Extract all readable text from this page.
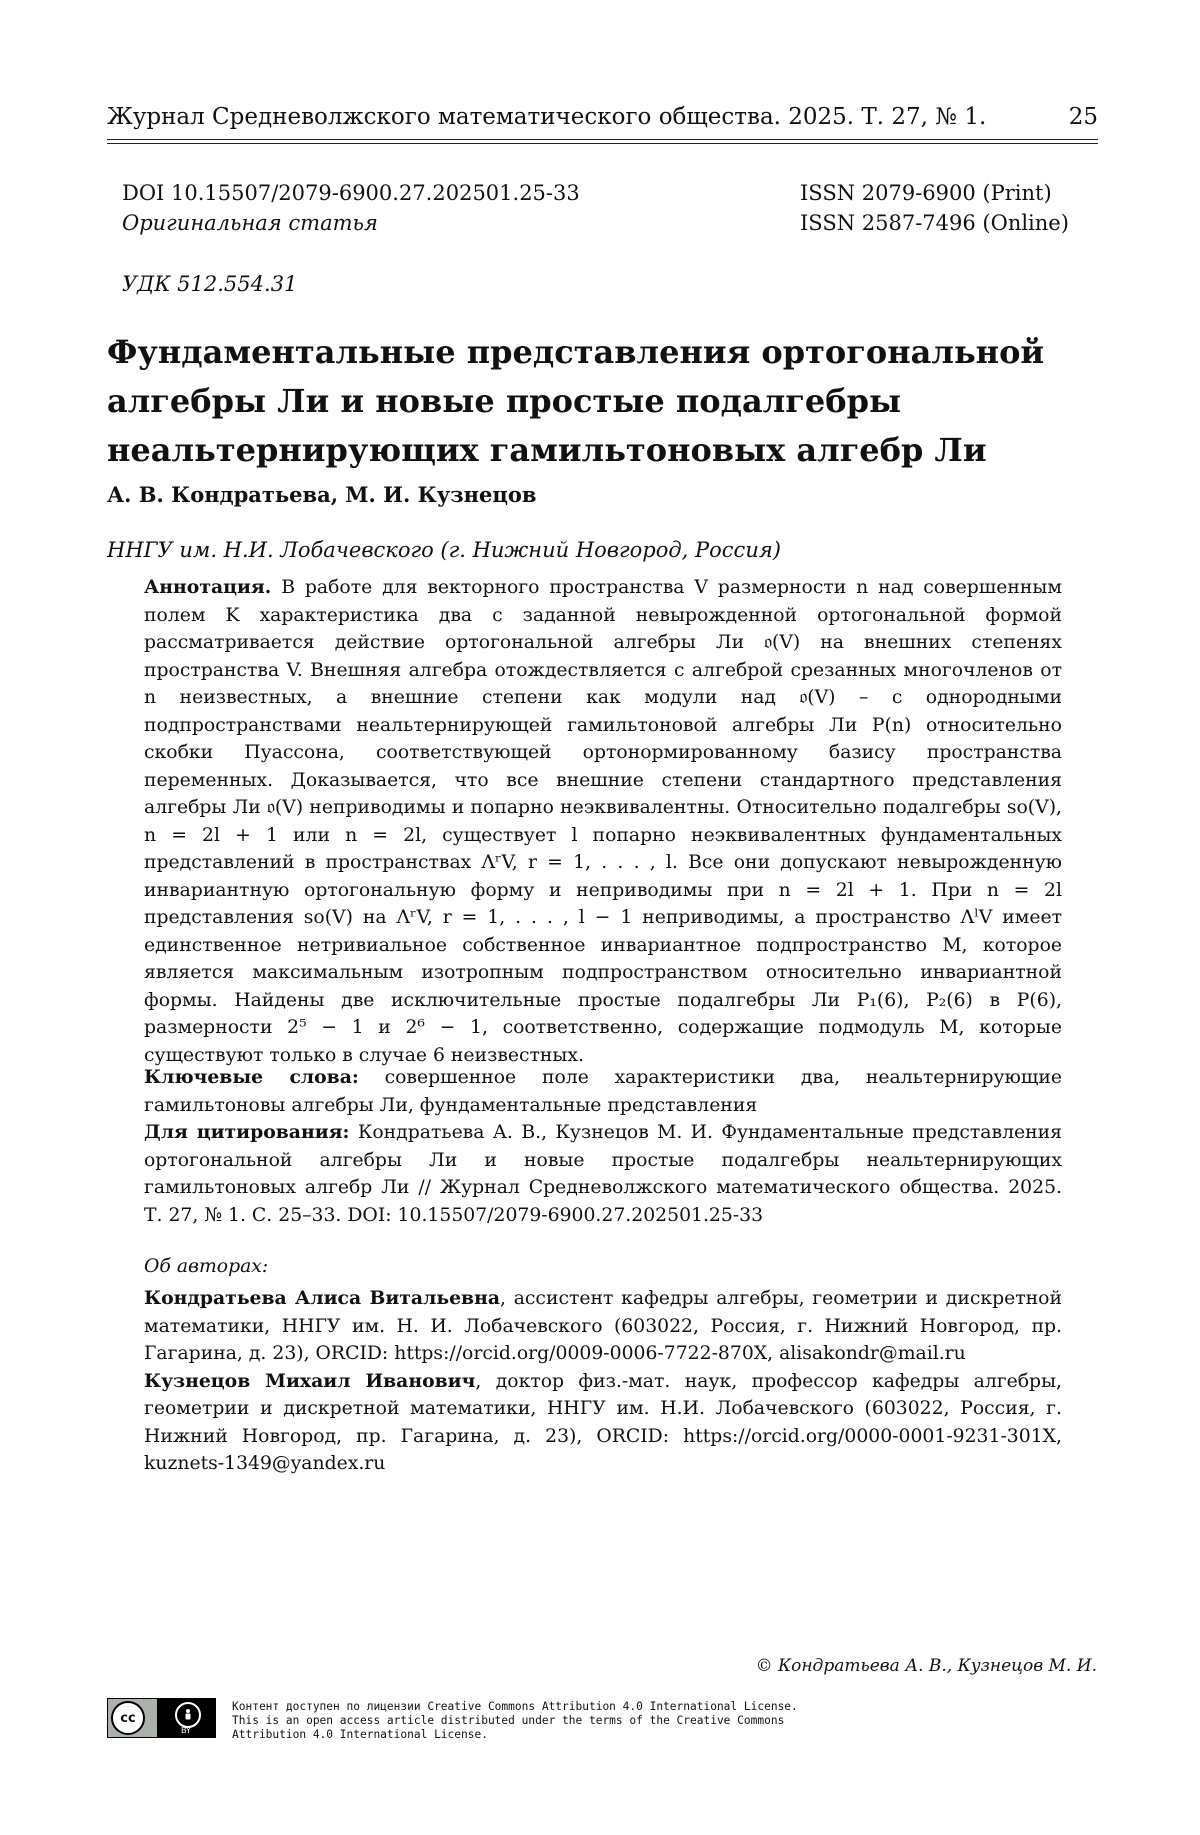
Журнал Средневолжского математического общества. 2025. Т. 27, № 1.	25
DOI 10.15507/2079-6900.27.202501.25-33
Оригинальная статья
ISSN 2079-6900 (Print)
ISSN 2587-7496 (Online)
УДК 512.554.31
Фундаментальные представления ортогональной
алгебры Ли и новые простые подалгебры
неальтернирующих гамильтоновых алгебр Ли
А. В. Кондратьева, М. И. Кузнецов
ННГУ им. Н.И. Лобачевского (г. Нижний Новгород, Россия)

Аннотация. В работе для векторного пространства V размерности n над совершенным полем K характеристика два с заданной невырожденной ортогональной формой рассматривается действие ортогональной алгебры Ли 𝔬(V) на внешних степенях пространства V. Внешняя алгебра отождествляется с алгеброй срезанных многочленов от n неизвестных, а внешние степени как модули над 𝔬(V) – с однородными подпространствами неальтернирующей гамильтоновой алгебры Ли P(n) относительно скобки Пуассона, соответствующей ортонормированному базису пространства переменных. Доказывается, что все внешние степени стандартного представления алгебры Ли 𝔬(V) неприводимы и попарно неэквивалентны. Относительно подалгебры so(V), n = 2l + 1 или n = 2l, существует l попарно неэквивалентных фундаментальных представлений в пространствах ΛʳV, r = 1, . . . , l. Все они допускают невырожденную инвариантную ортогональную форму и неприводимы при n = 2l + 1. При n = 2l представления so(V) на ΛʳV, r = 1, . . . , l − 1 неприводимы, а пространство ΛˡV имеет единственное нетривиальное собственное инвариантное подпространство M, которое является максимальным изотропным подпространством относительно инвариантной формы. Найдены две исключительные простые подалгебры Ли P₁(6), P₂(6) в P(6), размерности 2⁵ − 1 и 2⁶ − 1, соответственно, содержащие подмодуль M, которые существуют только в случае 6 неизвестных.

Ключевые слова: совершенное поле характеристики два, неальтернирующие гамильтоновы алгебры Ли, фундаментальные представления

Для цитирования: Кондратьева А. В., Кузнецов М. И. Фундаментальные представления ортогональной алгебры Ли и новые простые подалгебры неальтернирующих гамильтоновых алгебр Ли // Журнал Средневолжского математического общества. 2025. Т. 27, № 1. С. 25–33. DOI: 10.15507/2079-6900.27.202501.25-33

Об авторах:

Кондратьева Алиса Витальевна, ассистент кафедры алгебры, геометрии и дискретной математики, ННГУ им. Н. И. Лобачевского (603022, Россия, г. Нижний Новгород, пр. Гагарина, д. 23), ORCID: https://orcid.org/0009-0006-7722-870X, alisakondr@mail.ru
Кузнецов Михаил Иванович, доктор физ.-мат. наук, профессор кафедры алгебры, геометрии и дискретной математики, ННГУ им. Н.И. Лобачевского (603022, Россия, г. Нижний Новгород, пр. Гагарина, д. 23), ORCID: https://orcid.org/0000-0001-9231-301X, kuznets-1349@yandex.ru

© Кондратьева А. В., Кузнецов М. И.
cc
BY
Контент доступен по лицензии Creative Commons Attribution 4.0 International License.
This is an open access article distributed under the terms of the Creative Commons
Attribution 4.0 International License.
